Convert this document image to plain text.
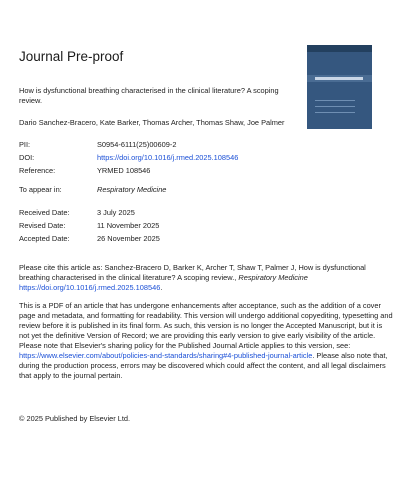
Journal Pre-proof
How is dysfunctional breathing characterised in the clinical literature? A scoping review.
Dario Sanchez-Bracero, Kate Barker, Thomas Archer, Thomas Shaw, Joe Palmer
PII:	S0954-6111(25)00609-2
DOI:	https://doi.org/10.1016/j.rmed.2025.108546
Reference:	YRMED 108546
To appear in:	Respiratory Medicine
Received Date:	3 July 2025
Revised Date:	11 November 2025
Accepted Date:	26 November 2025
Please cite this article as: Sanchez-Bracero D, Barker K, Archer T, Shaw T, Palmer J, How is dysfunctional breathing characterised in the clinical literature? A scoping review., Respiratory Medicine
https://doi.org/10.1016/j.rmed.2025.108546.
This is a PDF of an article that has undergone enhancements after acceptance, such as the addition of a cover page and metadata, and formatting for readability. This version will undergo additional copyediting, typesetting and review before it is published in its final form. As such, this version is no longer the Accepted Manuscript, but it is not yet the definitive Version of Record; we are providing this early version to give early visibility of the article. Please note that Elsevier's sharing policy for the Published Journal Article applies to this version, see: https://www.elsevier.com/about/policies-and-standards/sharing#4-published-journal-article. Please also note that, during the production process, errors may be discovered which could affect the content, and all legal disclaimers that apply to the journal pertain.
© 2025 Published by Elsevier Ltd.
